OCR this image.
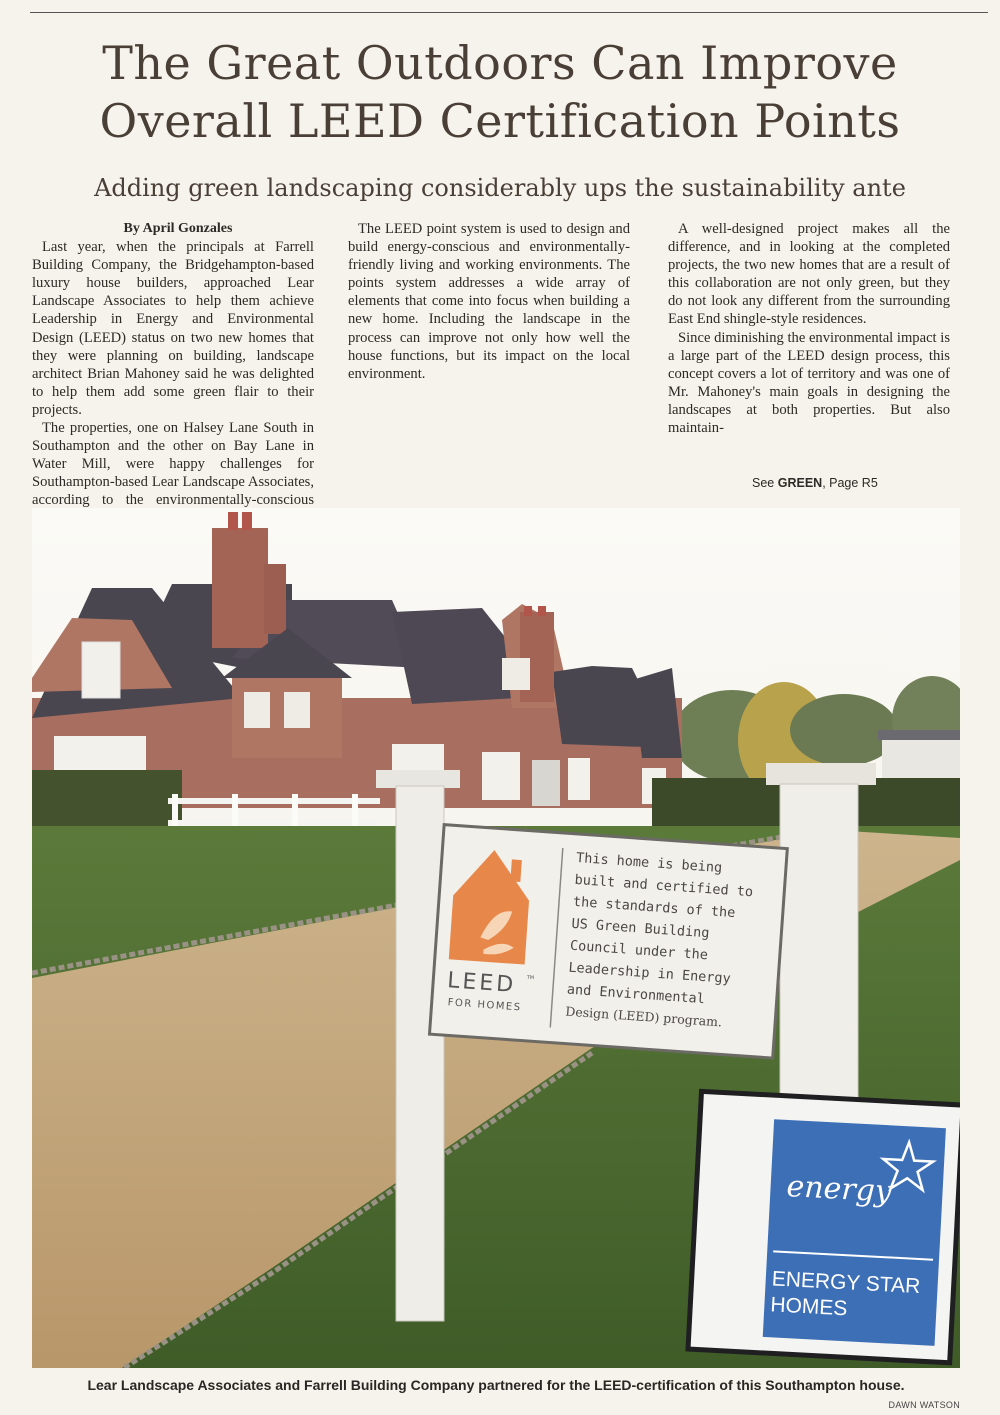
The Great Outdoors Can Improve
Overall LEED Certification Points
Adding green landscaping considerably ups the sustainability ante

By April Gonzales

Last year, when the principals at Farrell Building Company, the Bridgehampton-based luxury house builders, approached Lear Landscape Associates to help them achieve Leadership in Energy and Environmental Design (LEED) status on two new homes that they were planning on building, landscape architect Brian Mahoney said he was delighted to help them add some green flair to their projects.

The properties, one on Halsey Lane South in Southampton and the other on Bay Lane in Water Mill, were happy challenges for Southampton-based Lear Landscape Associates, according to the environmentally-conscious

The LEED point system is used to design and build energy-conscious and environmentally-friendly living and working environments. The points system addresses a wide array of elements that come into focus when building a new home. Including the landscape in the process can improve not only how well the house functions, but its impact on the local environment.

A well-designed project makes all the difference, and in looking at the completed projects, the two new homes that are a result of this collaboration are not only green, but they do not look any different from the surrounding East End shingle-style residences.

Since diminishing the environmental impact is a large part of the LEED design process, this concept covers a lot of territory and was one of Mr. Mahoney's main goals in designing the landscapes at both properties. But also maintain-

See GREEN, Page R5
LEED TM
FOR HOMES
This home is being
built and certified to
the standards of the
US Green Building
Council under the
Leadership in Energy
and Environmental
Design (LEED) program.
energy
ENERGY STAR
HOMES
Lear Landscape Associates and Farrell Building Company partnered for the LEED-certification of this Southampton house.
DAWN WATSON
